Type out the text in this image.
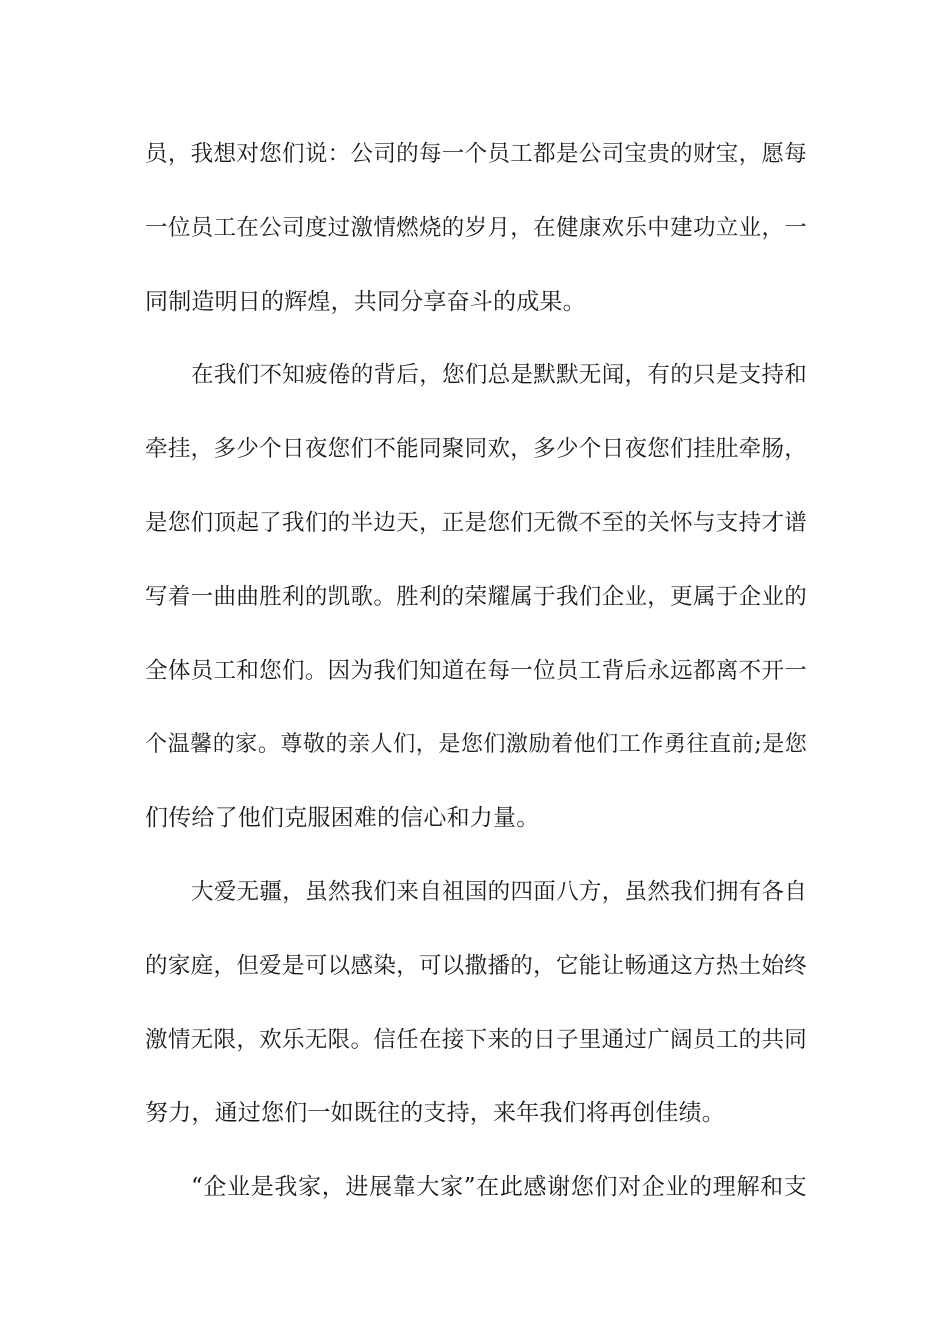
员，我想对您们说：公司的每一个员工都是公司宝贵的财宝，愿每
一位员工在公司度过激情燃烧的岁月，在健康欢乐中建功立业，一
同制造明日的辉煌，共同分享奋斗的成果。
在我们不知疲倦的背后，您们总是默默无闻，有的只是支持和
牵挂，多少个日夜您们不能同聚同欢，多少个日夜您们挂肚牵肠，
是您们顶起了我们的半边天，正是您们无微不至的关怀与支持才谱
写着一曲曲胜利的凯歌。胜利的荣耀属于我们企业，更属于企业的
全体员工和您们。因为我们知道在每一位员工背后永远都离不开一
个温馨的家。尊敬的亲人们，是您们激励着他们工作勇往直前;是您
们传给了他们克服困难的信心和力量。
大爱无疆，虽然我们来自祖国的四面八方，虽然我们拥有各自
的家庭，但爱是可以感染，可以撒播的，它能让畅通这方热土始终
激情无限，欢乐无限。信任在接下来的日子里通过广阔员工的共同
努力，通过您们一如既往的支持，来年我们将再创佳绩。
“企业是我家，进展靠大家”在此感谢您们对企业的理解和支
